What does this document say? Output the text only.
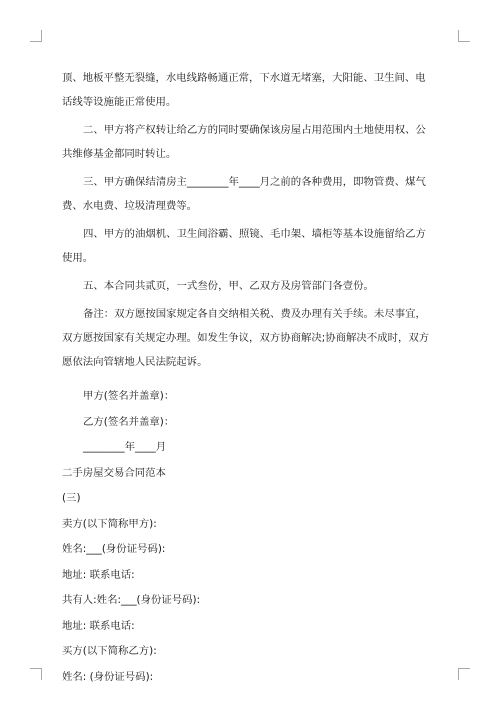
顶、地板平整无裂缝，水电线路畅通正常，下水道无堵塞，大阳能、卫生间、电话线等设施能正常使用。

二、甲方将产权转让给乙方的同时要确保该房屋占用范围内土地使用权、公共维修基金都同时转让。

三、甲方确保结清房主________年____月之前的各种费用，即物管费、煤气费、水电费、垃圾清理费等。

四、甲方的油烟机、卫生间浴霸、照镜、毛巾架、墙柜等基本设施留给乙方使用。

五、本合同共贰页，一式叁份，甲、乙双方及房管部门各壹份。

备注：双方愿按国家规定各自交纳相关税、费及办理有关手续。未尽事宜，双方愿按国家有关规定办理。如发生争议，双方协商解决;协商解决不成时，双方愿依法向管辖地人民法院起诉。

甲方(签名并盖章)：

乙方(签名并盖章)：

________年____月

二手房屋交易合同范本

(三)

卖方(以下简称甲方):

姓名:___(身份证号码):

地址: 联系电话:

共有人:姓名:___(身份证号码):

地址: 联系电话:

买方(以下简称乙方):

姓名: (身份证号码):
